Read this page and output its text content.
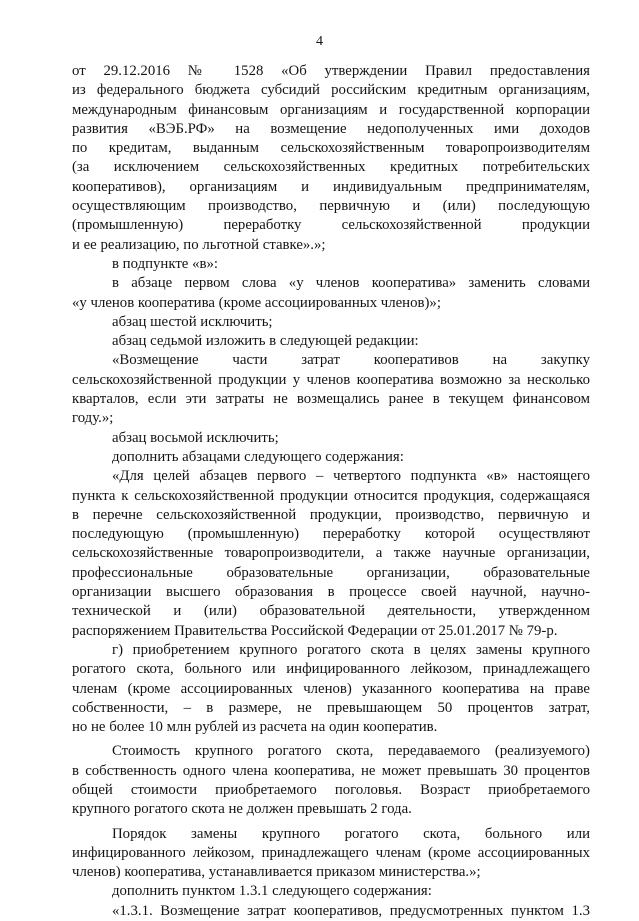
4

от 29.12.2016 № 1528 «Об утверждении Правил предоставления

из федерального бюджета субсидий российским кредитным организациям,

международным финансовым организациям и государственной корпорации

развития «ВЭБ.РФ» на возмещение недополученных ими доходов

по кредитам, выданным сельскохозяйственным товаропроизводителям

(за исключением сельскохозяйственных кредитных потребительских

кооперативов), организациям и индивидуальным предпринимателям,

осуществляющим производство, первичную и (или) последующую

(промышленную) переработку сельскохозяйственной продукции

и ее реализацию, по льготной ставке».»;

в подпункте «в»:

в абзаце первом слова «у членов кооператива» заменить словами

«у членов кооператива (кроме ассоциированных членов)»;

абзац шестой исключить;

абзац седьмой изложить в следующей редакции:

«Возмещение части затрат кооперативов на закупку

сельскохозяйственной продукции у членов кооператива возможно за несколько

кварталов, если эти затраты не возмещались ранее в текущем финансовом

году.»;

абзац восьмой исключить;

дополнить абзацами следующего содержания:

«Для целей абзацев первого – четвертого подпункта «в» настоящего

пункта к сельскохозяйственной продукции относится продукция, содержащаяся

в перечне сельскохозяйственной продукции, производство, первичную и

последующую (промышленную) переработку которой осуществляют

сельскохозяйственные товаропроизводители, а также научные организации,

профессиональные образовательные организации, образовательные

организации высшего образования в процессе своей научной, научно-

технической и (или) образовательной деятельности, утвержденном

распоряжением Правительства Российской Федерации от 25.01.2017 № 79-р.

г) приобретением крупного рогатого скота в целях замены крупного

рогатого скота, больного или инфицированного лейкозом, принадлежащего

членам (кроме ассоциированных членов) указанного кооператива на праве

собственности, – в размере, не превышающем 50 процентов затрат,

но не более 10 млн рублей из расчета на один кооператив.

Стоимость крупного рогатого скота, передаваемого (реализуемого)

в собственность одного члена кооператива, не может превышать 30 процентов

общей стоимости приобретаемого поголовья. Возраст приобретаемого

крупного рогатого скота не должен превышать 2 года.

Порядок замены крупного рогатого скота, больного или

инфицированного лейкозом, принадлежащего членам (кроме ассоциированных

членов) кооператива, устанавливается приказом министерства.»;

дополнить пунктом 1.3.1 следующего содержания:

«1.3.1. Возмещение затрат кооперативов, предусмотренных пунктом 1.3
